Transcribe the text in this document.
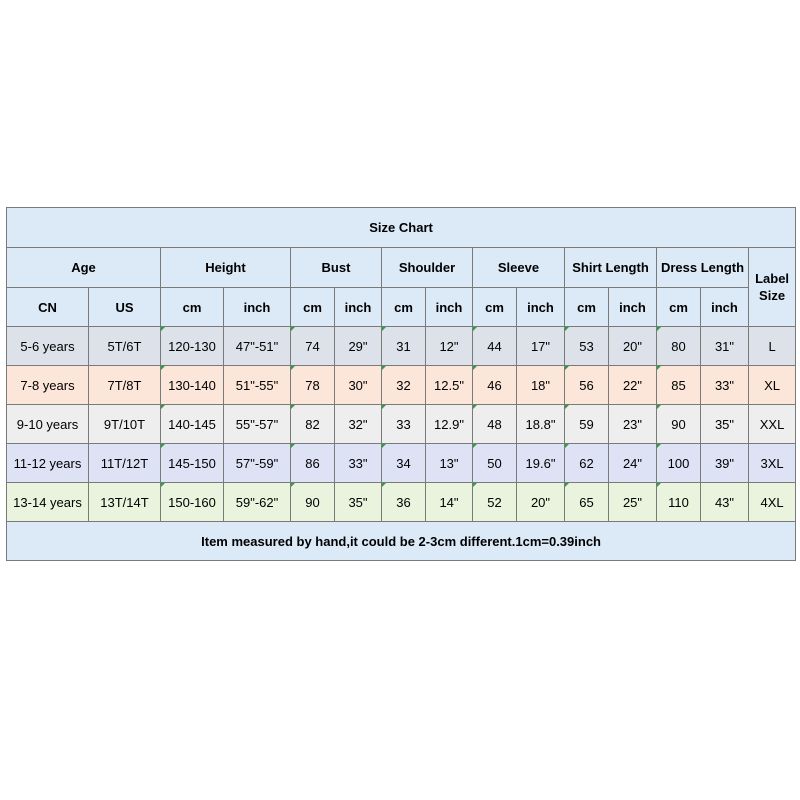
Size Chart														
Age		Height		Bust		Shoulder		Sleeve		Shirt Length		Dress Length		Label Size
CN	US	cm	inch	cm	inch	cm	inch	cm	inch	cm	inch	cm	inch	
5-6 years	5T/6T	120-130	47"-51"	74	29"	31	12"	44	17"	53	20"	80	31"	L
7-8 years	7T/8T	130-140	51"-55"	78	30"	32	12.5"	46	18"	56	22"	85	33"	XL
9-10 years	9T/10T	140-145	55"-57"	82	32"	33	12.9"	48	18.8"	59	23"	90	35"	XXL
11-12 years	11T/12T	145-150	57"-59"	86	33"	34	13"	50	19.6"	62	24"	100	39"	3XL
13-14 years	13T/14T	150-160	59"-62"	90	35"	36	14"	52	20"	65	25"	110	43"	4XL
Item measured by hand,it could be 2-3cm different.1cm=0.39inch														
